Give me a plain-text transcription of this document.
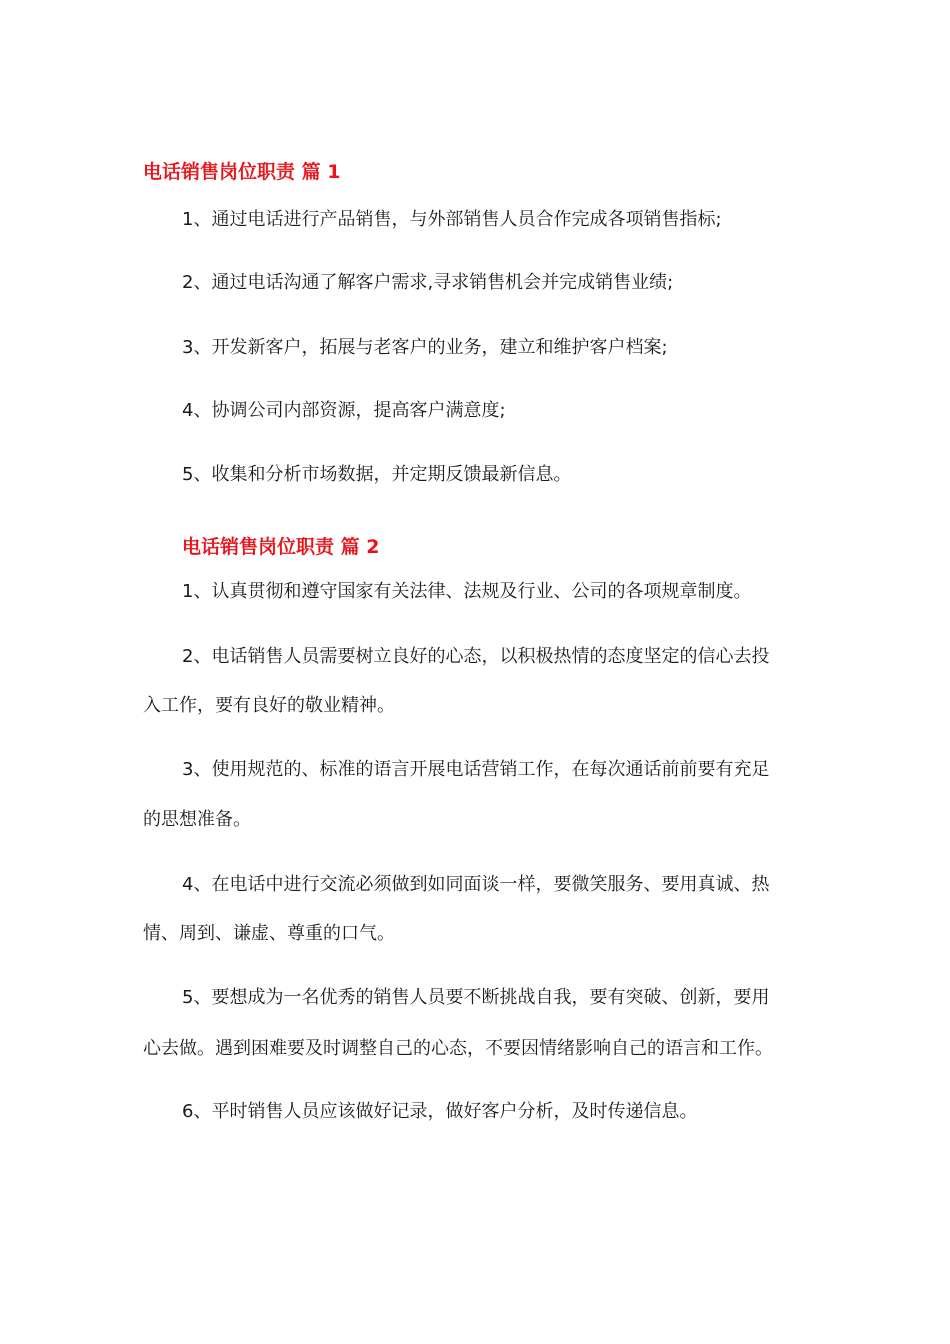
电话销售岗位职责 篇 1
1、通过电话进行产品销售，与外部销售人员合作完成各项销售指标;
2、通过电话沟通了解客户需求,寻求销售机会并完成销售业绩;
3、开发新客户，拓展与老客户的业务，建立和维护客户档案;
4、协调公司内部资源，提高客户满意度;
5、收集和分析市场数据，并定期反馈最新信息。
电话销售岗位职责 篇 2
1、认真贯彻和遵守国家有关法律、法规及行业、公司的各项规章制度。
2、电话销售人员需要树立良好的心态，以积极热情的态度坚定的信心去投
入工作，要有良好的敬业精神。
3、使用规范的、标准的语言开展电话营销工作，在每次通话前前要有充足
的思想准备。
4、在电话中进行交流必须做到如同面谈一样，要微笑服务、要用真诚、热
情、周到、谦虚、尊重的口气。
5、要想成为一名优秀的销售人员要不断挑战自我，要有突破、创新，要用
心去做。遇到困难要及时调整自己的心态，不要因情绪影响自己的语言和工作。
6、平时销售人员应该做好记录，做好客户分析，及时传递信息。
